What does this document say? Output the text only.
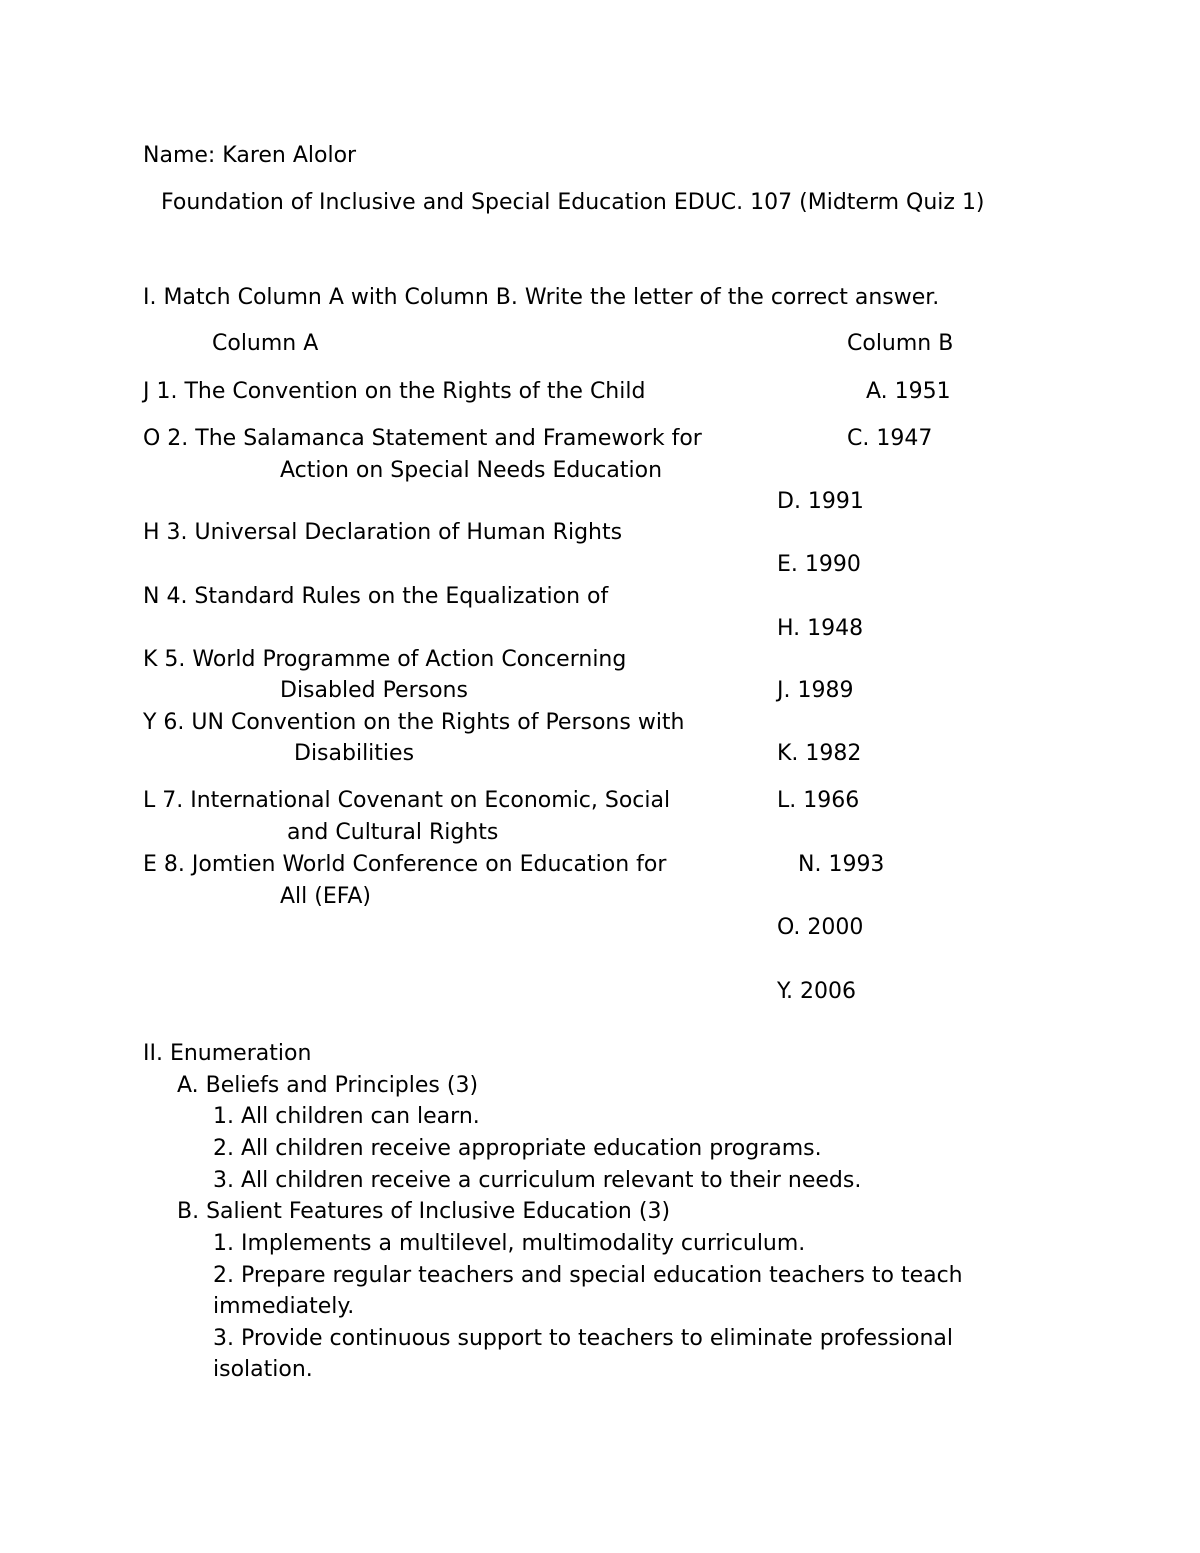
Name: Karen Alolor

Foundation of Inclusive and Special Education EDUC. 107 (Midterm Quiz 1)

I. Match Column A with Column B. Write the letter of the correct answer.

Column A	Column B

J 1. The Convention on the Rights of the Child

O 2. The Salamanca Statement and Framework for

Action on Special Needs Education

H 3. Universal Declaration of Human Rights

N 4. Standard Rules on the Equalization of

K 5. World Programme of Action Concerning

Disabled Persons

Y 6. UN Convention on the Rights of Persons with

Disabilities

L 7. International Covenant on Economic, Social

and Cultural Rights

E 8. Jomtien World Conference on Education for

All (EFA)

A. 1951

C. 1947

D. 1991

E. 1990

H. 1948

J. 1989

K. 1982

L. 1966

N. 1993

O. 2000

Y. 2006

II. Enumeration

A. Beliefs and Principles (3)

1. All children can learn.

2. All children receive appropriate education programs.

3. All children receive a curriculum relevant to their needs.

B. Salient Features of Inclusive Education (3)

1. Implements a multilevel, multimodality curriculum.

2. Prepare regular teachers and special education teachers to teach

immediately.

3. Provide continuous support to teachers to eliminate professional

isolation.
